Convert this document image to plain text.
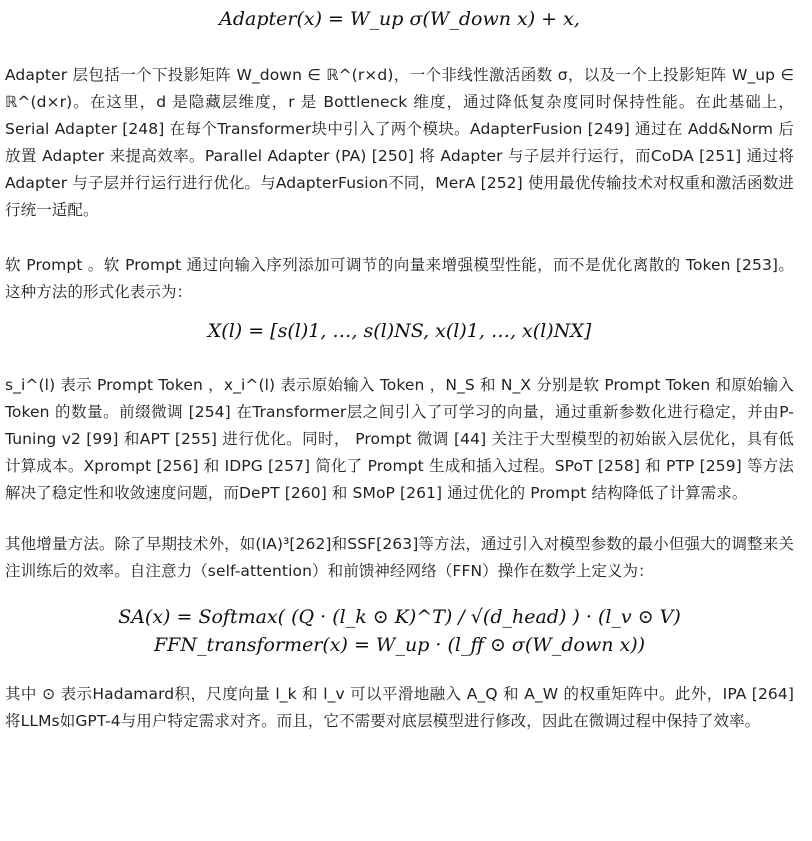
Adapter(x) = W_up σ(W_down x) + x,

Adapter 层包括一个下投影矩阵 W_down ∈ ℝ^(r×d)，一个非线性激活函数 σ，以及一个上投影矩阵 W_up ∈ ℝ^(d×r)。在这里，d 是隐藏层维度，r 是 Bottleneck 维度，通过降低复杂度同时保持性能。在此基础上，Serial Adapter [248] 在每个Transformer块中引入了两个模块。AdapterFusion [249] 通过在 Add&Norm 后放置 Adapter 来提高效率。Parallel Adapter (PA) [250] 将 Adapter 与子层并行运行，而CoDA [251] 通过将 Adapter 与子层并行运行进行优化。与AdapterFusion不同，MerA [252] 使用最优传输技术对权重和激活函数进行统一适配。

软 Prompt 。软 Prompt 通过向输入序列添加可调节的向量来增强模型性能，而不是优化离散的 Token [253]。这种方法的形式化表示为：

X(l) = [s(l)1, …, s(l)NS, x(l)1, …, x(l)NX]

s_i^(l) 表示 Prompt Token ，x_i^(l) 表示原始输入 Token ，N_S 和 N_X 分别是软 Prompt Token 和原始输入 Token 的数量。前缀微调 [254] 在Transformer层之间引入了可学习的向量，通过重新参数化进行稳定，并由P-Tuning v2 [99] 和APT [255] 进行优化。同时， Prompt 微调 [44] 关注于大型模型的初始嵌入层优化，具有低计算成本。Xprompt [256] 和 IDPG [257] 简化了 Prompt 生成和插入过程。SPoT [258] 和 PTP [259] 等方法解决了稳定性和收敛速度问题，而DePT [260] 和 SMoP [261] 通过优化的 Prompt 结构降低了计算需求。

其他增量方法。除了早期技术外，如(IA)³[262]和SSF[263]等方法，通过引入对模型参数的最小但强大的调整来关注训练后的效率。自注意力（self-attention）和前馈神经网络（FFN）操作在数学上定义为：

SA(x) = Softmax( (Q · (l_k ⊙ K)^T) / √(d_head) ) · (l_v ⊙ V)
FFN_transformer(x) = W_up · (l_ff ⊙ σ(W_down x))

其中 ⊙ 表示Hadamard积，尺度向量 l_k 和 l_v 可以平滑地融入 A_Q 和 A_W 的权重矩阵中。此外，IPA [264] 将LLMs如GPT-4与用户特定需求对齐。而且，它不需要对底层模型进行修改，因此在微调过程中保持了效率。
